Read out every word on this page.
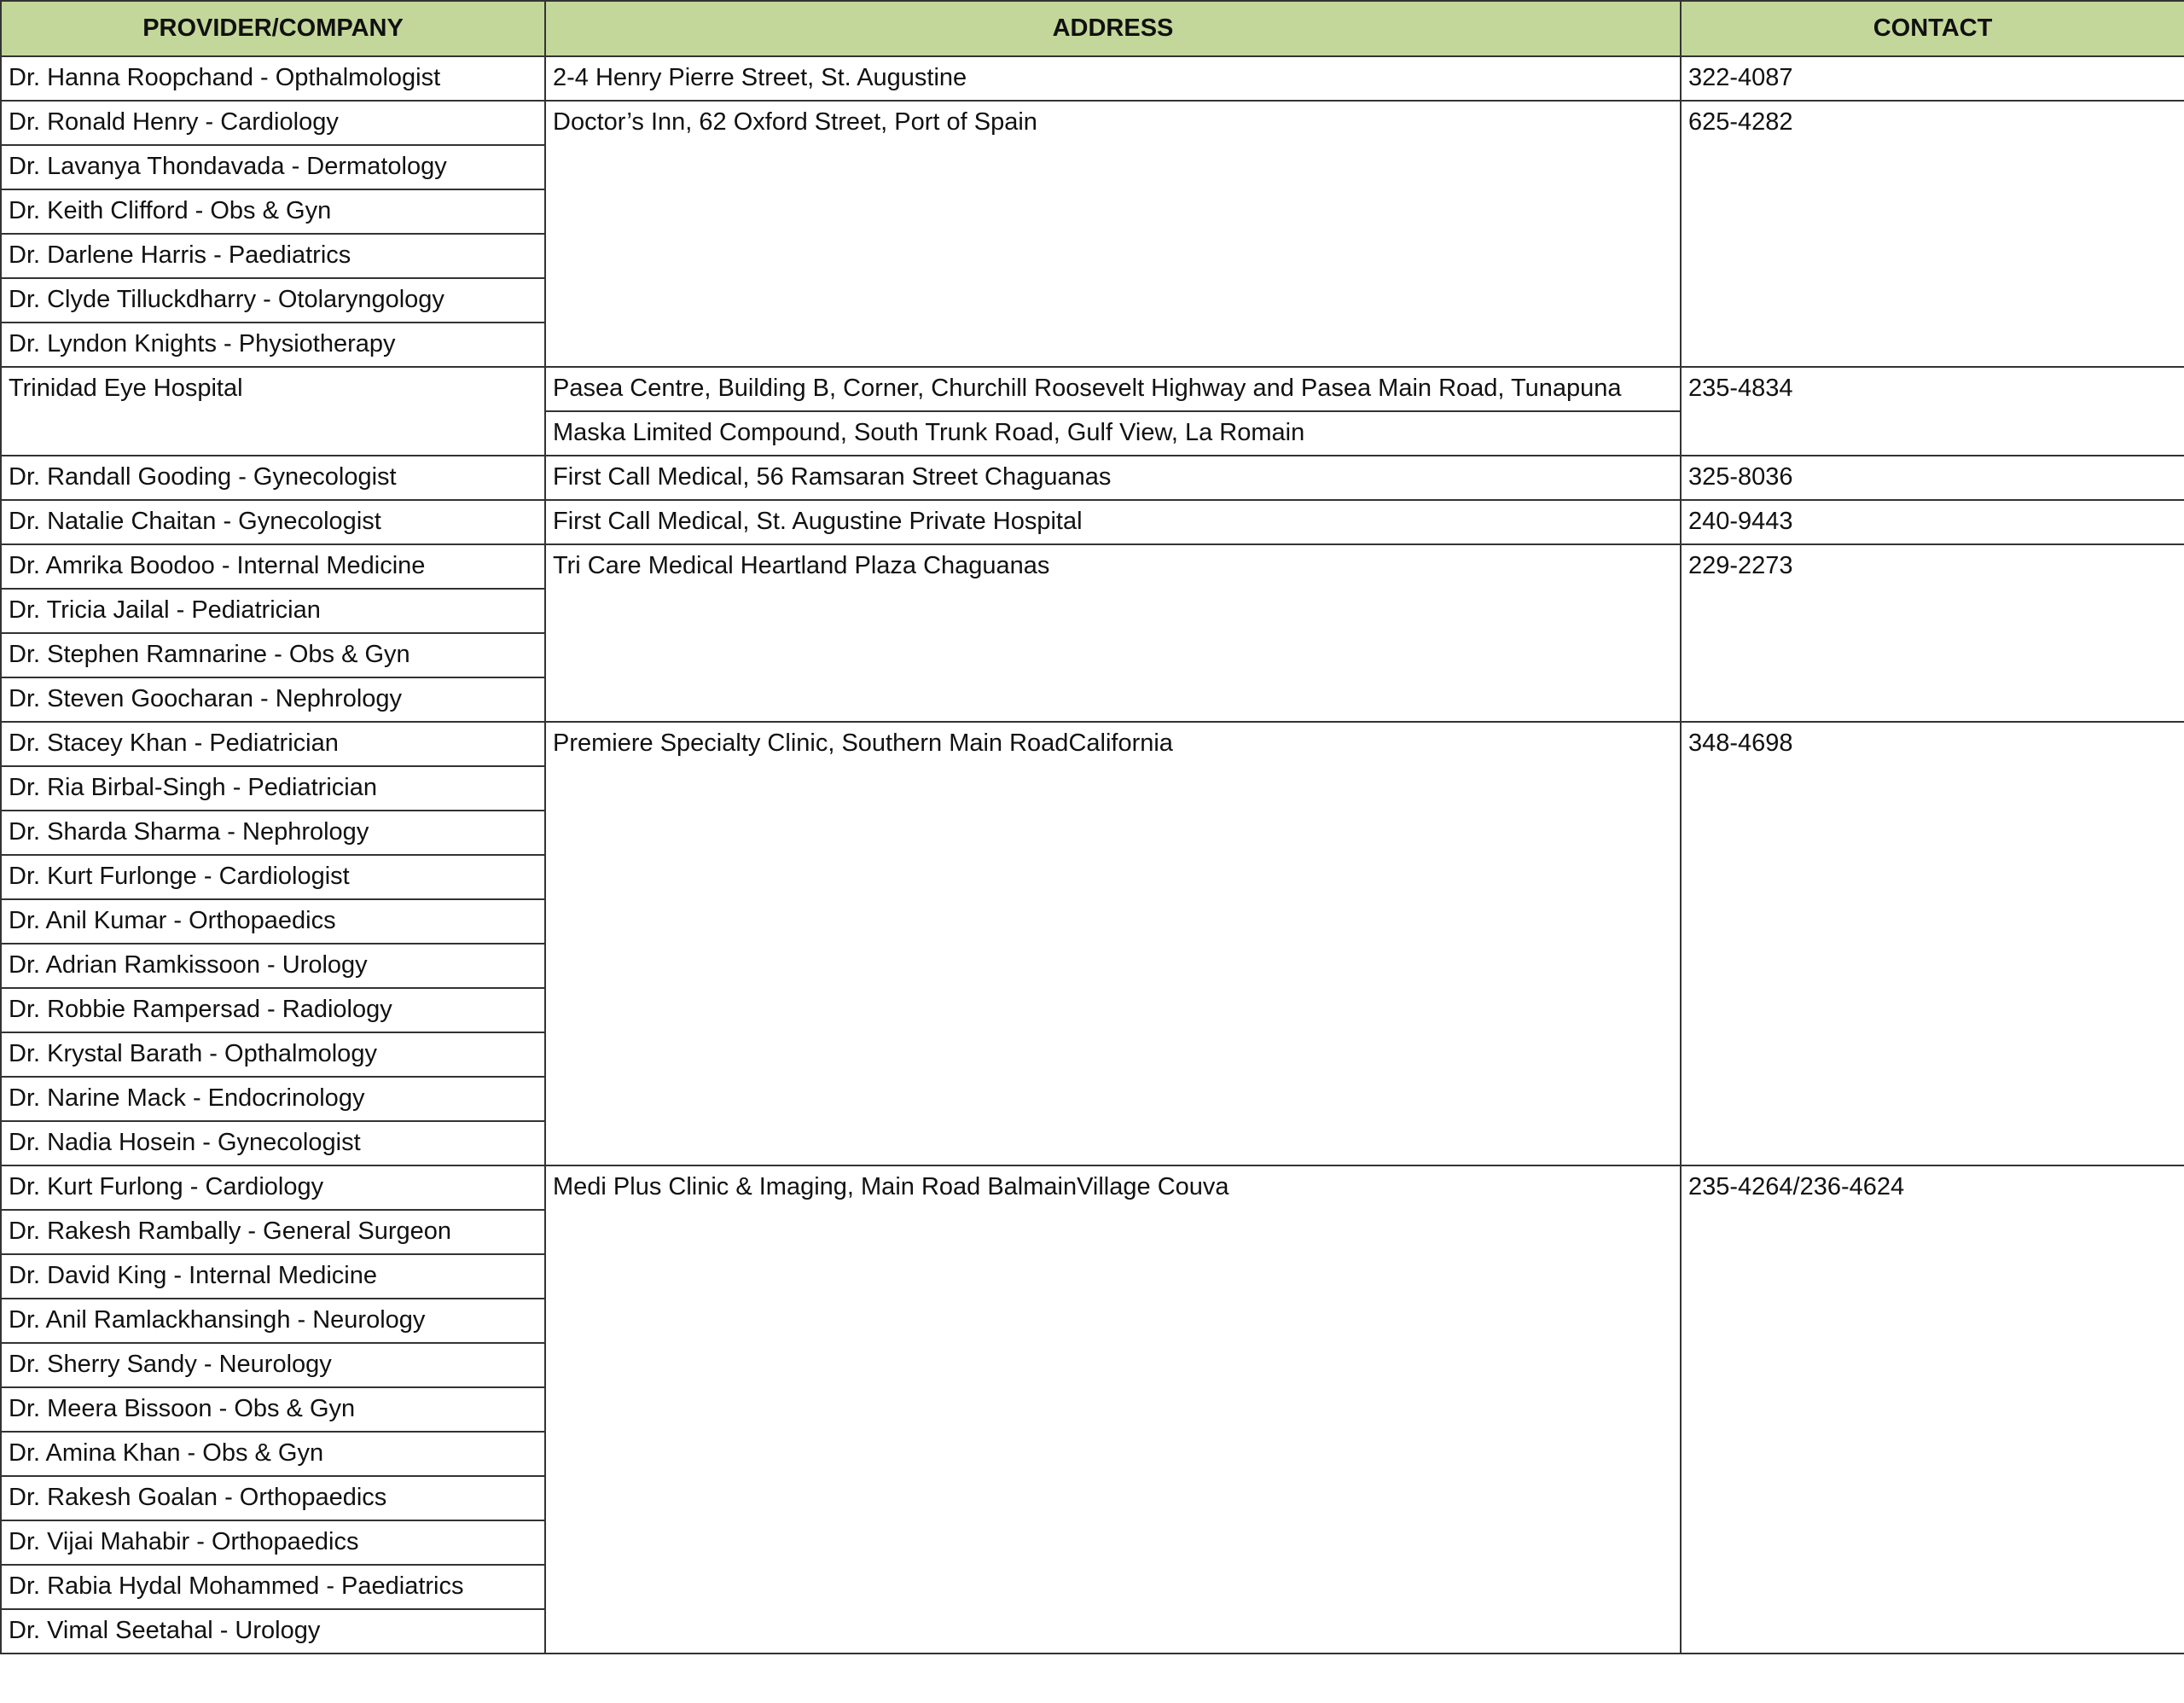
PROVIDER/COMPANY	ADDRESS	CONTACT
Dr. Hanna Roopchand - Opthalmologist	2-4 Henry Pierre Street, St. Augustine	322-4087
Dr. Ronald Henry - Cardiology	Doctor’s Inn, 62 Oxford Street, Port of Spain	625-4282
Dr. Lavanya Thondavada - Dermatology		
Dr. Keith Clifford - Obs & Gyn		
Dr. Darlene Harris - Paediatrics		
Dr. Clyde Tilluckdharry - Otolaryngology		
Dr. Lyndon Knights - Physiotherapy		
Trinidad Eye Hospital	Pasea Centre, Building B, Corner, Churchill Roosevelt Highway and Pasea Main Road, Tunapuna	235-4834
	Maska Limited Compound, South Trunk Road, Gulf View, La Romain	
Dr. Randall Gooding - Gynecologist	First Call Medical, 56 Ramsaran Street Chaguanas	325-8036
Dr. Natalie Chaitan - Gynecologist	First Call Medical, St. Augustine Private Hospital	240-9443
Dr. Amrika Boodoo - Internal Medicine	Tri Care Medical Heartland Plaza Chaguanas	229-2273
Dr. Tricia Jailal - Pediatrician		
Dr. Stephen Ramnarine - Obs & Gyn		
Dr. Steven Goocharan - Nephrology		
Dr. Stacey Khan - Pediatrician	Premiere Specialty Clinic, Southern Main RoadCalifornia	348-4698
Dr. Ria Birbal-Singh - Pediatrician		
Dr. Sharda Sharma - Nephrology		
Dr. Kurt Furlonge - Cardiologist		
Dr. Anil Kumar - Orthopaedics		
Dr. Adrian Ramkissoon - Urology		
Dr. Robbie Rampersad - Radiology		
Dr. Krystal Barath - Opthalmology		
Dr. Narine Mack - Endocrinology		
Dr. Nadia Hosein - Gynecologist		
Dr. Kurt Furlong - Cardiology	Medi Plus Clinic & Imaging, Main Road BalmainVillage Couva	235-4264/236-4624
Dr. Rakesh Rambally - General Surgeon		
Dr. David King - Internal Medicine		
Dr. Anil Ramlackhansingh - Neurology		
Dr. Sherry Sandy - Neurology		
Dr. Meera Bissoon - Obs & Gyn		
Dr. Amina Khan - Obs & Gyn		
Dr. Rakesh Goalan - Orthopaedics		
Dr. Vijai Mahabir - Orthopaedics		
Dr. Rabia Hydal Mohammed - Paediatrics		
Dr. Vimal Seetahal - Urology		
